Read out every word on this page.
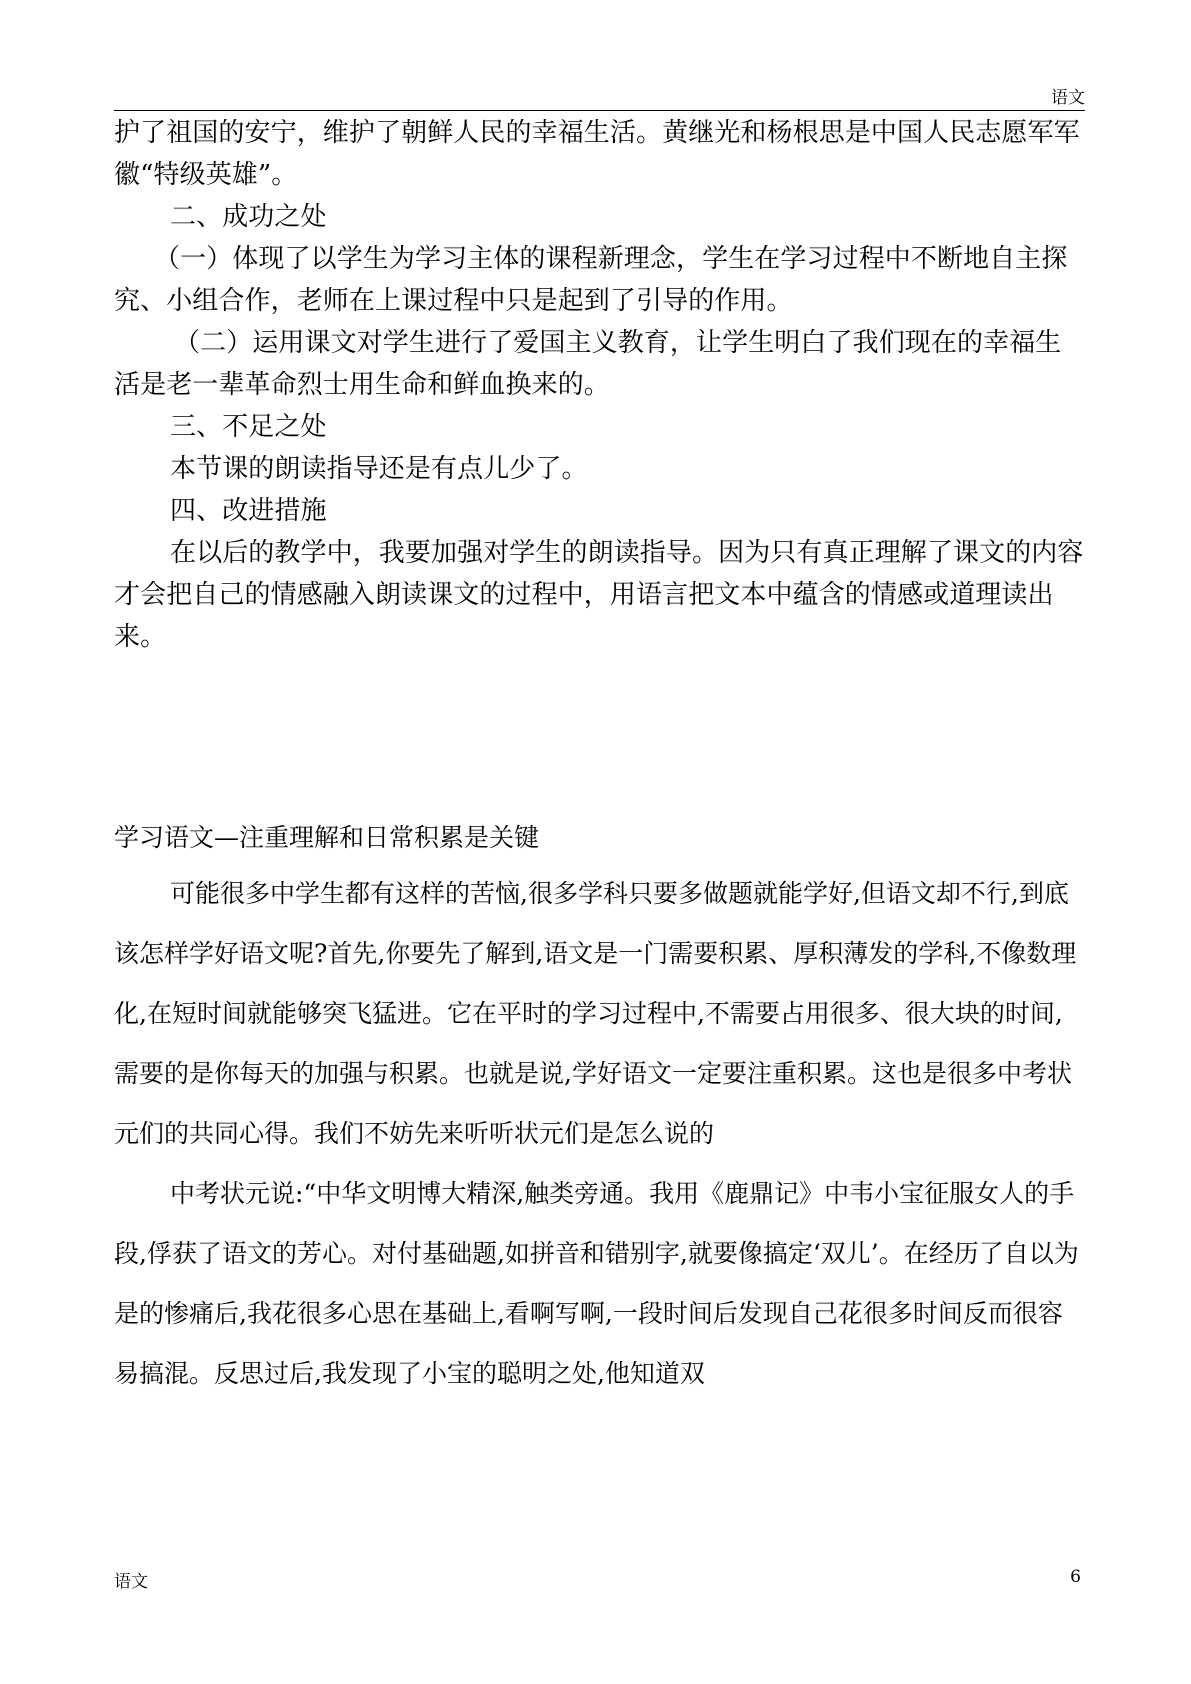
语文

护了祖国的安宁，维护了朝鲜人民的幸福生活。黄继光和杨根思是中国人民志愿军军徽“特级英雄”。

二、成功之处

（一）体现了以学生为学习主体的课程新理念，学生在学习过程中不断地自主探究、小组合作，老师在上课过程中只是起到了引导的作用。

（二）运用课文对学生进行了爱国主义教育，让学生明白了我们现在的幸福生活是老一辈革命烈士用生命和鲜血换来的。

三、不足之处

本节课的朗读指导还是有点儿少了。

四、改进措施

在以后的教学中，我要加强对学生的朗读指导。因为只有真正理解了课文的内容才会把自己的情感融入朗读课文的过程中，用语言把文本中蕴含的情感或道理读出来。

学习语文—注重理解和日常积累是关键

可能很多中学生都有这样的苦恼,很多学科只要多做题就能学好,但语文却不行,到底该怎样学好语文呢?首先,你要先了解到,语文是一门需要积累、厚积薄发的学科,不像数理化,在短时间就能够突飞猛进。它在平时的学习过程中,不需要占用很多、很大块的时间,需要的是你每天的加强与积累。也就是说,学好语文一定要注重积累。这也是很多中考状元们的共同心得。我们不妨先来听听状元们是怎么说的

中考状元说:“中华文明博大精深,触类旁通。我用《鹿鼎记》中韦小宝征服女人的手段,俘获了语文的芳心。对付基础题,如拼音和错别字,就要像搞定‘双儿’。在经历了自以为是的惨痛后,我花很多心思在基础上,看啊写啊,一段时间后发现自己花很多时间反而很容易搞混。反思过后,我发现了小宝的聪明之处,他知道双

语文	6
